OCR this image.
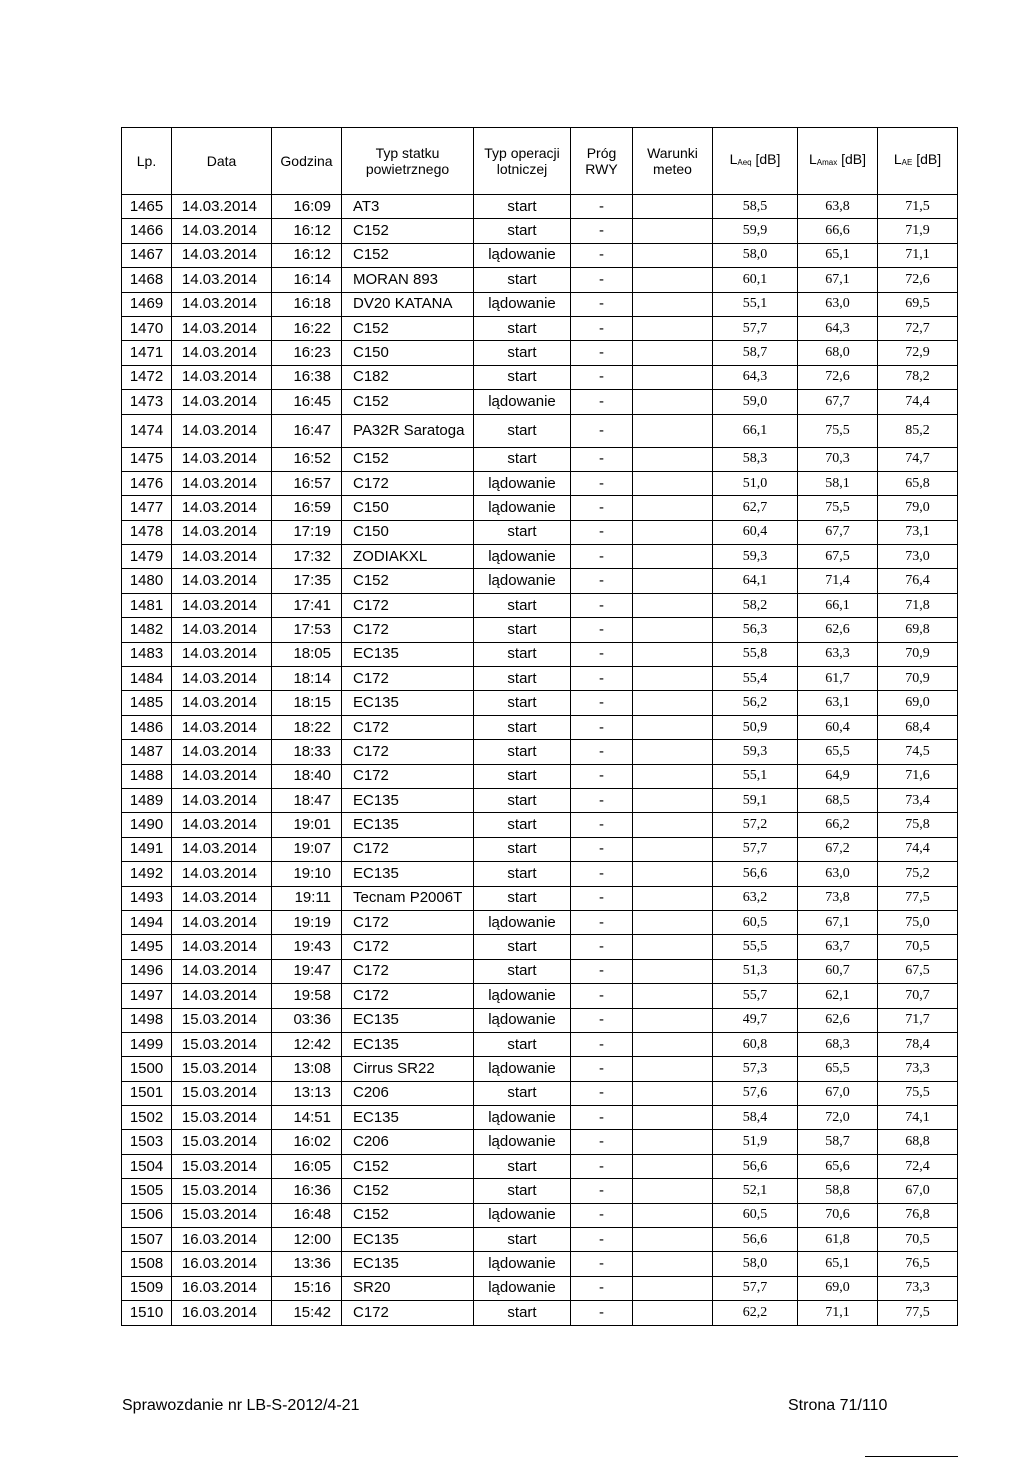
Lp.	Data	Godzina	Typ statku powietrznego	Typ operacji lotniczej	Próg RWY	Warunki meteo	$L_{Aeq}$ [dB]	$L_{Amax}$ [dB]	$L_{AE}$ [dB]
1465	14.03.2014	16:09	AT3	start	-		58,5	63,8	71,5
1466	14.03.2014	16:12	C152	start	-		59,9	66,6	71,9
1467	14.03.2014	16:12	C152	lądowanie	-		58,0	65,1	71,1
1468	14.03.2014	16:14	MORAN 893	start	-		60,1	67,1	72,6
1469	14.03.2014	16:18	DV20 KATANA	lądowanie	-		55,1	63,0	69,5
1470	14.03.2014	16:22	C152	start	-		57,7	64,3	72,7
1471	14.03.2014	16:23	C150	start	-		58,7	68,0	72,9
1472	14.03.2014	16:38	C182	start	-		64,3	72,6	78,2
1473	14.03.2014	16:45	C152	lądowanie	-		59,0	67,7	74,4
1474	14.03.2014	16:47	PA32R Saratoga	start	-		66,1	75,5	85,2
1475	14.03.2014	16:52	C152	start	-		58,3	70,3	74,7
1476	14.03.2014	16:57	C172	lądowanie	-		51,0	58,1	65,8
1477	14.03.2014	16:59	C150	lądowanie	-		62,7	75,5	79,0
1478	14.03.2014	17:19	C150	start	-		60,4	67,7	73,1
1479	14.03.2014	17:32	ZODIAKXL	lądowanie	-		59,3	67,5	73,0
1480	14.03.2014	17:35	C152	lądowanie	-		64,1	71,4	76,4
1481	14.03.2014	17:41	C172	start	-		58,2	66,1	71,8
1482	14.03.2014	17:53	C172	start	-		56,3	62,6	69,8
1483	14.03.2014	18:05	EC135	start	-		55,8	63,3	70,9
1484	14.03.2014	18:14	C172	start	-		55,4	61,7	70,9
1485	14.03.2014	18:15	EC135	start	-		56,2	63,1	69,0
1486	14.03.2014	18:22	C172	start	-		50,9	60,4	68,4
1487	14.03.2014	18:33	C172	start	-		59,3	65,5	74,5
1488	14.03.2014	18:40	C172	start	-		55,1	64,9	71,6
1489	14.03.2014	18:47	EC135	start	-		59,1	68,5	73,4
1490	14.03.2014	19:01	EC135	start	-		57,2	66,2	75,8
1491	14.03.2014	19:07	C172	start	-		57,7	67,2	74,4
1492	14.03.2014	19:10	EC135	start	-		56,6	63,0	75,2
1493	14.03.2014	19:11	Tecnam P2006T	start	-		63,2	73,8	77,5
1494	14.03.2014	19:19	C172	lądowanie	-		60,5	67,1	75,0
1495	14.03.2014	19:43	C172	start	-		55,5	63,7	70,5
1496	14.03.2014	19:47	C172	start	-		51,3	60,7	67,5
1497	14.03.2014	19:58	C172	lądowanie	-		55,7	62,1	70,7
1498	15.03.2014	03:36	EC135	lądowanie	-		49,7	62,6	71,7
1499	15.03.2014	12:42	EC135	start	-		60,8	68,3	78,4
1500	15.03.2014	13:08	Cirrus SR22	lądowanie	-		57,3	65,5	73,3
1501	15.03.2014	13:13	C206	start	-		57,6	67,0	75,5
1502	15.03.2014	14:51	EC135	lądowanie	-		58,4	72,0	74,1
1503	15.03.2014	16:02	C206	lądowanie	-		51,9	58,7	68,8
1504	15.03.2014	16:05	C152	start	-		56,6	65,6	72,4
1505	15.03.2014	16:36	C152	start	-		52,1	58,8	67,0
1506	15.03.2014	16:48	C152	lądowanie	-		60,5	70,6	76,8
1507	16.03.2014	12:00	EC135	start	-		56,6	61,8	70,5
1508	16.03.2014	13:36	EC135	lądowanie	-		58,0	65,1	76,5
1509	16.03.2014	15:16	SR20	lądowanie	-		57,7	69,0	73,3
1510	16.03.2014	15:42	C172	start	-		62,2	71,1	77,5
Sprawozdanie nr LB-S-2012/4-21	Strona 71/110
